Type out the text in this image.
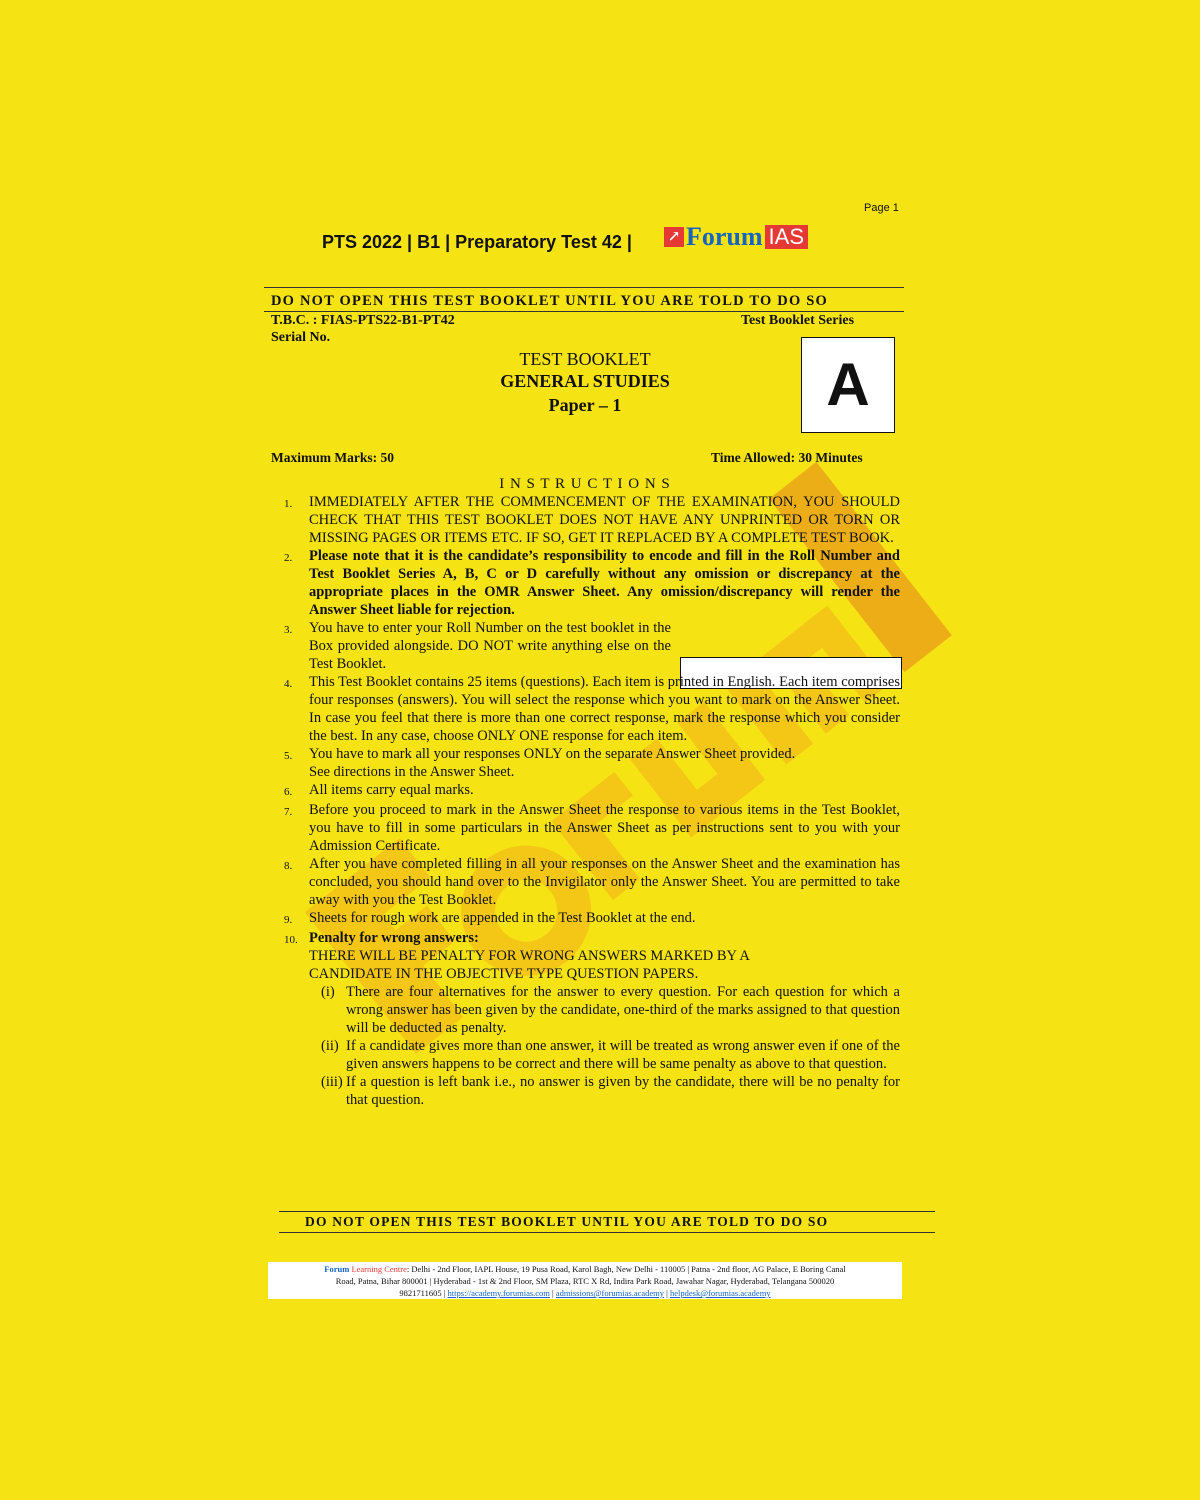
Page 1
PTS 2022 | B1 | Preparatory Test 42 | ↗ Forum IAS
DO NOT OPEN THIS TEST BOOKLET UNTIL YOU ARE TOLD TO DO SO
T.B.C. : FIAS-PTS22-B1-PT42	Test Booklet Series
Serial No.
TEST BOOKLET
GENERAL STUDIES
Paper – 1	A
Maximum Marks: 50	Time Allowed: 30 Minutes
I N S T R U C T I O N S
1.	IMMEDIATELY AFTER THE COMMENCEMENT OF THE EXAMINATION, YOU SHOULD CHECK THAT THIS TEST BOOKLET DOES NOT HAVE ANY UNPRINTED OR TORN OR MISSING PAGES OR ITEMS ETC. IF SO, GET IT REPLACED BY A COMPLETE TEST BOOK.
2.	Please note that it is the candidate’s responsibility to encode and fill in the Roll Number and Test Booklet Series A, B, C or D carefully without any omission or discrepancy at the appropriate places in the OMR Answer Sheet. Any omission/discrepancy will render the Answer Sheet liable for rejection.
3.	You have to enter your Roll Number on the test booklet in the Box provided alongside. DO NOT write anything else on the Test Booklet.
4.	This Test Booklet contains 25 items (questions). Each item is printed in English. Each item comprises four responses (answers). You will select the response which you want to mark on the Answer Sheet. In case you feel that there is more than one correct response, mark the response which you consider the best. In any case, choose ONLY ONE response for each item.
5.	You have to mark all your responses ONLY on the separate Answer Sheet provided.
See directions in the Answer Sheet.
6.	All items carry equal marks.
7.	Before you proceed to mark in the Answer Sheet the response to various items in the Test Booklet, you have to fill in some particulars in the Answer Sheet as per instructions sent to you with your Admission Certificate.
8.	After you have completed filling in all your responses on the Answer Sheet and the examination has concluded, you should hand over to the Invigilator only the Answer Sheet. You are permitted to take away with you the Test Booklet.
9.	Sheets for rough work are appended in the Test Booklet at the end.
10. Penalty for wrong answers:
THERE WILL BE PENALTY FOR WRONG ANSWERS MARKED BY A CANDIDATE IN THE OBJECTIVE TYPE QUESTION PAPERS.
(i) There are four alternatives for the answer to every question. For each question for which a wrong answer has been given by the candidate, one-third of the marks assigned to that question will be deducted as penalty.
(ii) If a candidate gives more than one answer, it will be treated as wrong answer even if one of the given answers happens to be correct and there will be same penalty as above to that question.
(iii) If a question is left bank i.e., no answer is given by the candidate, there will be no penalty for that question.
DO NOT OPEN THIS TEST BOOKLET UNTIL YOU ARE TOLD TO DO SO
Forum Learning Centre: Delhi - 2nd Floor, IAPL House, 19 Pusa Road, Karol Bagh, New Delhi - 110005 | Patna - 2nd floor, AG Palace, E Boring Canal
Road, Patna, Bihar 800001 | Hyderabad - 1st & 2nd Floor, SM Plaza, RTC X Rd, Indira Park Road, Jawahar Nagar, Hyderabad, Telangana 500020
9821711605 | https://academy.forumias.com | admissions@forumias.academy | helpdesk@forumias.academy
